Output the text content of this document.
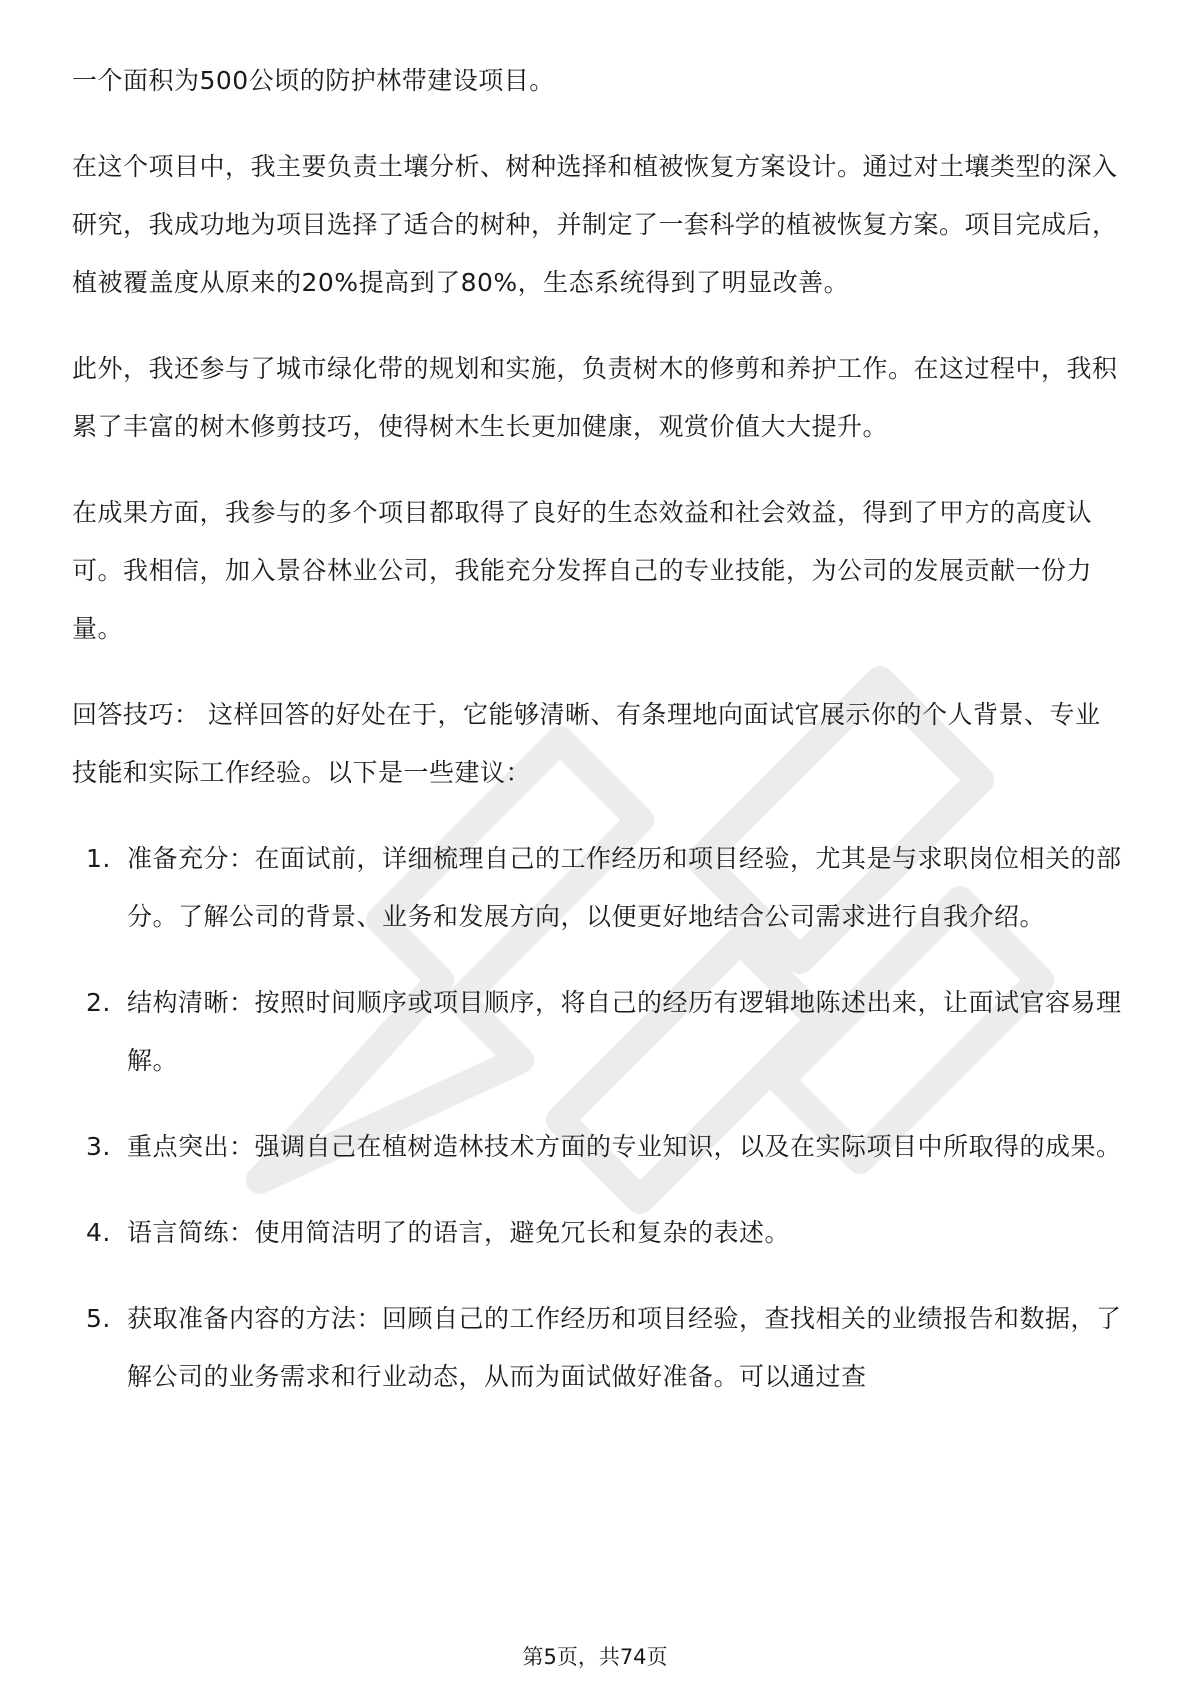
一个面积为500公顷的防护林带建设项目。

在这个项目中，我主要负责土壤分析、树种选择和植被恢复方案设计。通过对土壤类型的深入研究，我成功地为项目选择了适合的树种，并制定了一套科学的植被恢复方案。项目完成后，植被覆盖度从原来的20%提高到了80%，生态系统得到了明显改善。

此外，我还参与了城市绿化带的规划和实施，负责树木的修剪和养护工作。在这过程中，我积累了丰富的树木修剪技巧，使得树木生长更加健康，观赏价值大大提升。

在成果方面，我参与的多个项目都取得了良好的生态效益和社会效益，得到了甲方的高度认可。我相信，加入景谷林业公司，我能充分发挥自己的专业技能，为公司的发展贡献一份力量。

回答技巧： 这样回答的好处在于，它能够清晰、有条理地向面试官展示你的个人背景、专业技能和实际工作经验。以下是一些建议：

1. 准备充分：在面试前，详细梳理自己的工作经历和项目经验，尤其是与求职岗位相关的部分。了解公司的背景、业务和发展方向，以便更好地结合公司需求进行自我介绍。
2. 结构清晰：按照时间顺序或项目顺序，将自己的经历有逻辑地陈述出来，让面试官容易理解。
3. 重点突出：强调自己在植树造林技术方面的专业知识，以及在实际项目中所取得的成果。
4. 语言简练：使用简洁明了的语言，避免冗长和复杂的表述。
5. 获取准备内容的方法：回顾自己的工作经历和项目经验，查找相关的业绩报告和数据，了解公司的业务需求和行业动态，从而为面试做好准备。可以通过查
第5页，共74页
